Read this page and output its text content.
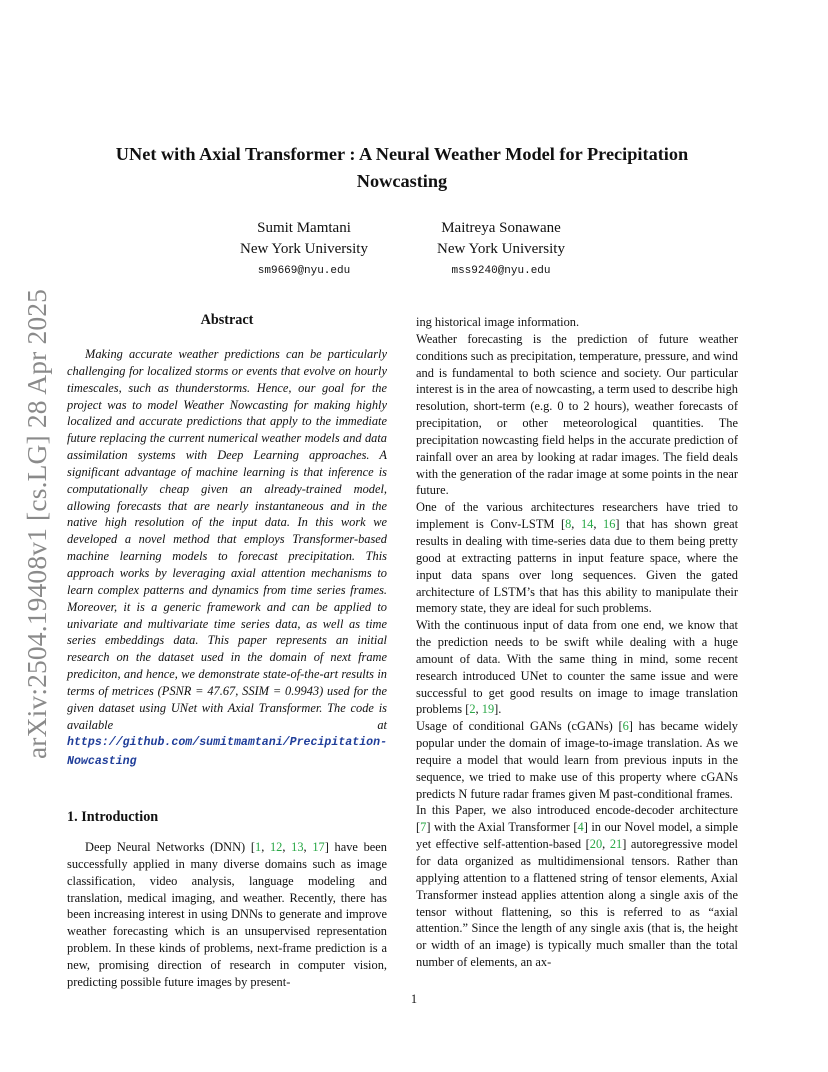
arXiv:2504.19408v1 [cs.LG] 28 Apr 2025
UNet with Axial Transformer : A Neural Weather Model for Precipitation Nowcasting
Sumit Mamtani
New York University
sm9669@nyu.edu
Maitreya Sonawane
New York University
mss9240@nyu.edu
Abstract

Making accurate weather predictions can be particularly challenging for localized storms or events that evolve on hourly timescales, such as thunderstorms. Hence, our goal for the project was to model Weather Nowcasting for making highly localized and accurate predictions that apply to the immediate future replacing the current numerical weather models and data assimilation systems with Deep Learning approaches. A significant advantage of machine learning is that inference is computationally cheap given an already-trained model, allowing forecasts that are nearly instantaneous and in the native high resolution of the input data. In this work we developed a novel method that employs Transformer-based machine learning models to forecast precipitation. This approach works by leveraging axial attention mechanisms to learn complex patterns and dynamics from time series frames. Moreover, it is a generic framework and can be applied to univariate and multivariate time series data, as well as time series embeddings data. This paper represents an initial research on the dataset used in the domain of next frame prediciton, and hence, we demonstrate state-of-the-art results in terms of metrices (PSNR = 47.67, SSIM = 0.9943) used for the given dataset using UNet with Axial Transformer. The code is available at https://github.com/sumitmamtani/Precipitation-Nowcasting

1. Introduction

Deep Neural Networks (DNN) [1, 12, 13, 17] have been successfully applied in many diverse domains such as image classification, video analysis, language modeling and translation, medical imaging, and weather. Recently, there has been increasing interest in using DNNs to generate and improve weather forecasting which is an unsupervised representation problem. In these kinds of problems, next-frame prediction is a new, promising direction of research in computer vision, predicting possible future images by present-

ing historical image information.

Weather forecasting is the prediction of future weather conditions such as precipitation, temperature, pressure, and wind and is fundamental to both science and society. Our particular interest is in the area of nowcasting, a term used to describe high resolution, short-term (e.g. 0 to 2 hours), weather forecasts of precipitation, or other meteorological quantities. The precipitation nowcasting field helps in the accurate prediction of rainfall over an area by looking at radar images. The field deals with the generation of the radar image at some points in the near future.

One of the various architectures researchers have tried to implement is Conv-LSTM [8, 14, 16] that has shown great results in dealing with time-series data due to them being pretty good at extracting patterns in input feature space, where the input data spans over long sequences. Given the gated architecture of LSTM’s that has this ability to manipulate their memory state, they are ideal for such problems.

With the continuous input of data from one end, we know that the prediction needs to be swift while dealing with a huge amount of data. With the same thing in mind, some recent research introduced UNet to counter the same issue and were successful to get good results on image to image translation problems [2, 19].

Usage of conditional GANs (cGANs) [6] has became widely popular under the domain of image-to-image translation. As we require a model that would learn from previous inputs in the sequence, we tried to make use of this property where cGANs predicts N future radar frames given M past-conditional frames.

In this Paper, we also introduced encode-decoder architecture [7] with the Axial Transformer [4] in our Novel model, a simple yet effective self-attention-based [20, 21] autoregressive model for data organized as multidimensional tensors. Rather than applying attention to a flattened string of tensor elements, Axial Transformer instead applies attention along a single axis of the tensor without flattening, so this is referred to as “axial attention.” Since the length of any single axis (that is, the height or width of an image) is typically much smaller than the total number of elements, an ax-

1
